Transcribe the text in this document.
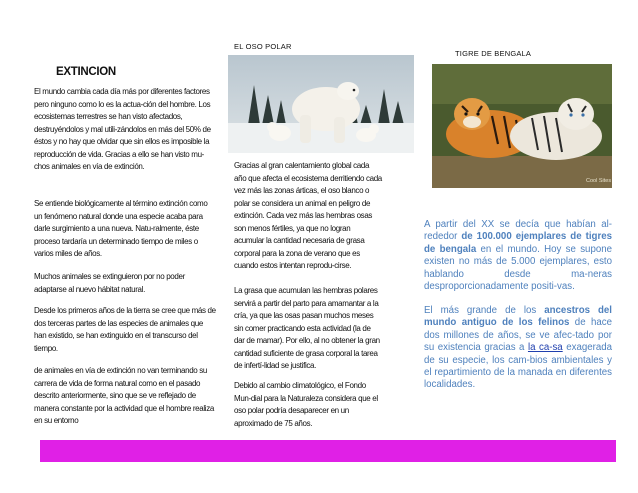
EXTINCION

El mundo cambia cada día más por diferentes factores pero ninguno como lo es la actua-ción del hombre. Los ecosistemas terrestres se han visto afectados, destruyéndolos y mal utili-zándolos en más del 50% de éstos y no hay que olvidar que sin ellos es imposible la reproducción de vida. Gracias a ello se han visto mu-chos animales en vía de extinción.

Se entiende biológicamente al término extinción como un fenómeno natural donde una especie acaba para darle surgimiento a una nueva. Natu-ralmente, éste proceso tardaría un determinado tiempo de miles o varios miles de años.

Muchos animales se extinguieron por no poder adaptarse al nuevo hábitat natural.

Desde los primeros años de la tierra se cree que más de dos terceras partes de las especies de animales que han existido, se han extinguido en el transcurso del tiempo.

de animales en vía de extinción no van terminando su carrera de vida de forma natural como en el pasado descrito anteriormente, sino que se ve reflejado de manera constante por la actividad que el hombre realiza en su entorno

EL OSO POLAR

Gracias al gran calentamiento global cada año que afecta el ecosistema derritiendo cada vez más las zonas árticas, el oso blanco o polar se considera un animal en peligro de extinción. Cada vez más las hembras osas son menos fértiles, ya que no logran acumular la cantidad necesaria de grasa corporal para la zona de verano que es cuando estos intentan reprodu-cirse.

La grasa que acumulan las hembras polares servirá a partir del parto para amamantar a la cría, ya que las osas pasan muchos meses sin comer practicando esta actividad (la de dar de mamar). Por ello, al no obtener la gran cantidad suficiente de grasa corporal la tarea de infertí-lidad se justifica.

Debido al cambio climatológico, el Fondo Mun-dial para la Naturaleza considera que el oso polar podría desaparecer en un aproximado de 75 años.

TIGRE DE BENGALA
Cool Sites

A partir del XX se decía que habían al-rededor de 100.000 ejemplares de tigres de bengala en el mundo. Hoy se supone existen no más de 5.000 ejemplares, esto hablando desde ma-neras desproporcionadamente positi-vas.

El más grande de los ancestros del mundo antiguo de los felinos de hace dos millones de años, se ve afec-tado por su existencia gracias a la ca-sa exagerada de su especie, los cam-bios ambientales y el repartimiento de la manada en diferentes localidades.
